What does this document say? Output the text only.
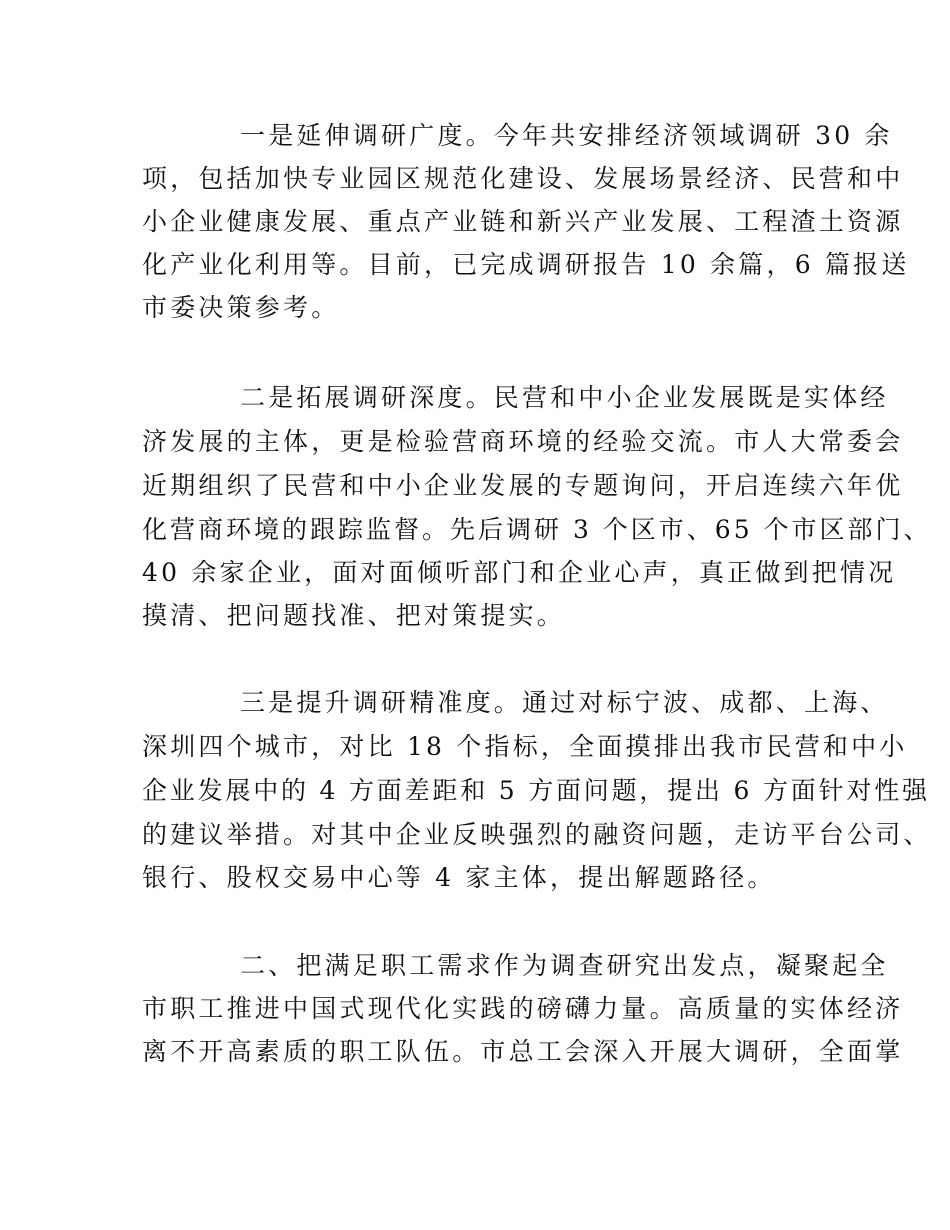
一是延伸调研广度。今年共安排经济领域调研 30 余

项，包括加快专业园区规范化建设、发展场景经济、民营和中

小企业健康发展、重点产业链和新兴产业发展、工程渣土资源

化产业化利用等。目前，已完成调研报告 10 余篇，6 篇报送

市委决策参考。

二是拓展调研深度。民营和中小企业发展既是实体经

济发展的主体，更是检验营商环境的经验交流。市人大常委会

近期组织了民营和中小企业发展的专题询问，开启连续六年优

化营商环境的跟踪监督。先后调研 3 个区市、65 个市区部门、

40 余家企业，面对面倾听部门和企业心声，真正做到把情况

摸清、把问题找准、把对策提实。

三是提升调研精准度。通过对标宁波、成都、上海、

深圳四个城市，对比 18 个指标，全面摸排出我市民营和中小

企业发展中的 4 方面差距和 5 方面问题，提出 6 方面针对性强

的建议举措。对其中企业反映强烈的融资问题，走访平台公司、

银行、股权交易中心等 4 家主体，提出解题路径。

二、把满足职工需求作为调查研究出发点，凝聚起全

市职工推进中国式现代化实践的磅礴力量。高质量的实体经济

离不开高素质的职工队伍。市总工会深入开展大调研，全面掌
